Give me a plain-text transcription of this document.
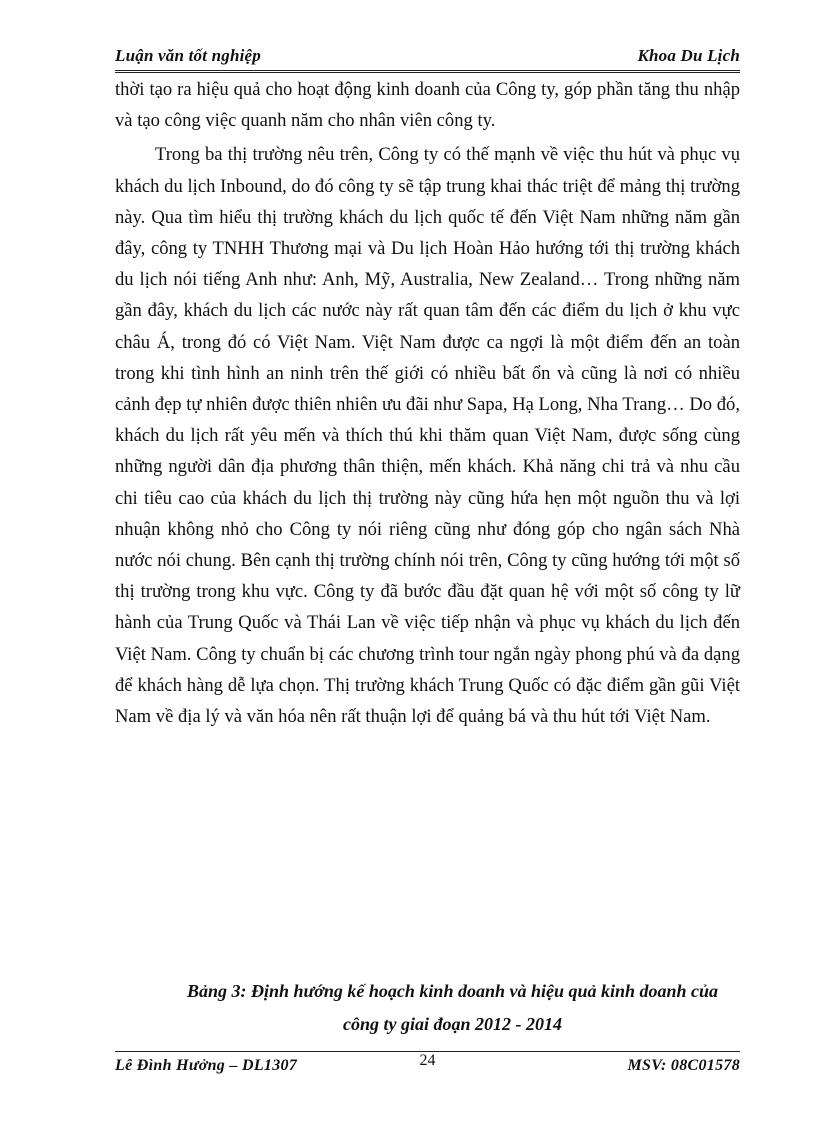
Luận văn tốt nghiệp	Khoa Du Lịch

thời tạo ra hiệu quả cho hoạt động kinh doanh của Công ty, góp phần tăng thu nhập và tạo công việc quanh năm cho nhân viên công ty.

Trong ba thị trường nêu trên, Công ty có thế mạnh về việc thu hút và phục vụ khách du lịch Inbound, do đó công ty sẽ tập trung khai thác triệt để mảng thị trường này. Qua tìm hiểu thị trường khách du lịch quốc tế đến Việt Nam những năm gần đây, công ty TNHH Thương mại và Du lịch Hoàn Hảo hướng tới thị trường khách du lịch nói tiếng Anh như: Anh, Mỹ, Australia, New Zealand… Trong những năm gần đây, khách du lịch các nước này rất quan tâm đến các điểm du lịch ở khu vực châu Á, trong đó có Việt Nam. Việt Nam được ca ngợi là một điểm đến an toàn trong khi tình hình an ninh trên thế giới có nhiều bất ổn và cũng là nơi có nhiều cảnh đẹp tự nhiên được thiên nhiên ưu đãi như Sapa, Hạ Long, Nha Trang… Do đó, khách du lịch rất yêu mến và thích thú khi thăm quan Việt Nam, được sống cùng những người dân địa phương thân thiện, mến khách. Khả năng chi trả và nhu cầu chi tiêu cao của khách du lịch thị trường này cũng hứa hẹn một nguồn thu và lợi nhuận không nhỏ cho Công ty nói riêng cũng như đóng góp cho ngân sách Nhà nước nói chung. Bên cạnh thị trường chính nói trên, Công ty cũng hướng tới một số thị trường trong khu vực. Công ty đã bước đầu đặt quan hệ với một số công ty lữ hành của Trung Quốc và Thái Lan về việc tiếp nhận và phục vụ khách du lịch đến Việt Nam. Công ty chuẩn bị các chương trình tour ngắn ngày phong phú và đa dạng để khách hàng dễ lựa chọn. Thị trường khách Trung Quốc có đặc điểm gần gũi Việt Nam về địa lý và văn hóa nên rất thuận lợi để quảng bá và thu hút tới Việt Nam.

Bảng 3: Định hướng kế hoạch kinh doanh và hiệu quả kinh doanh của
công ty giai đoạn 2012 - 2014
Lê Đình Hưởng – DL1307	24	MSV: 08C01578
